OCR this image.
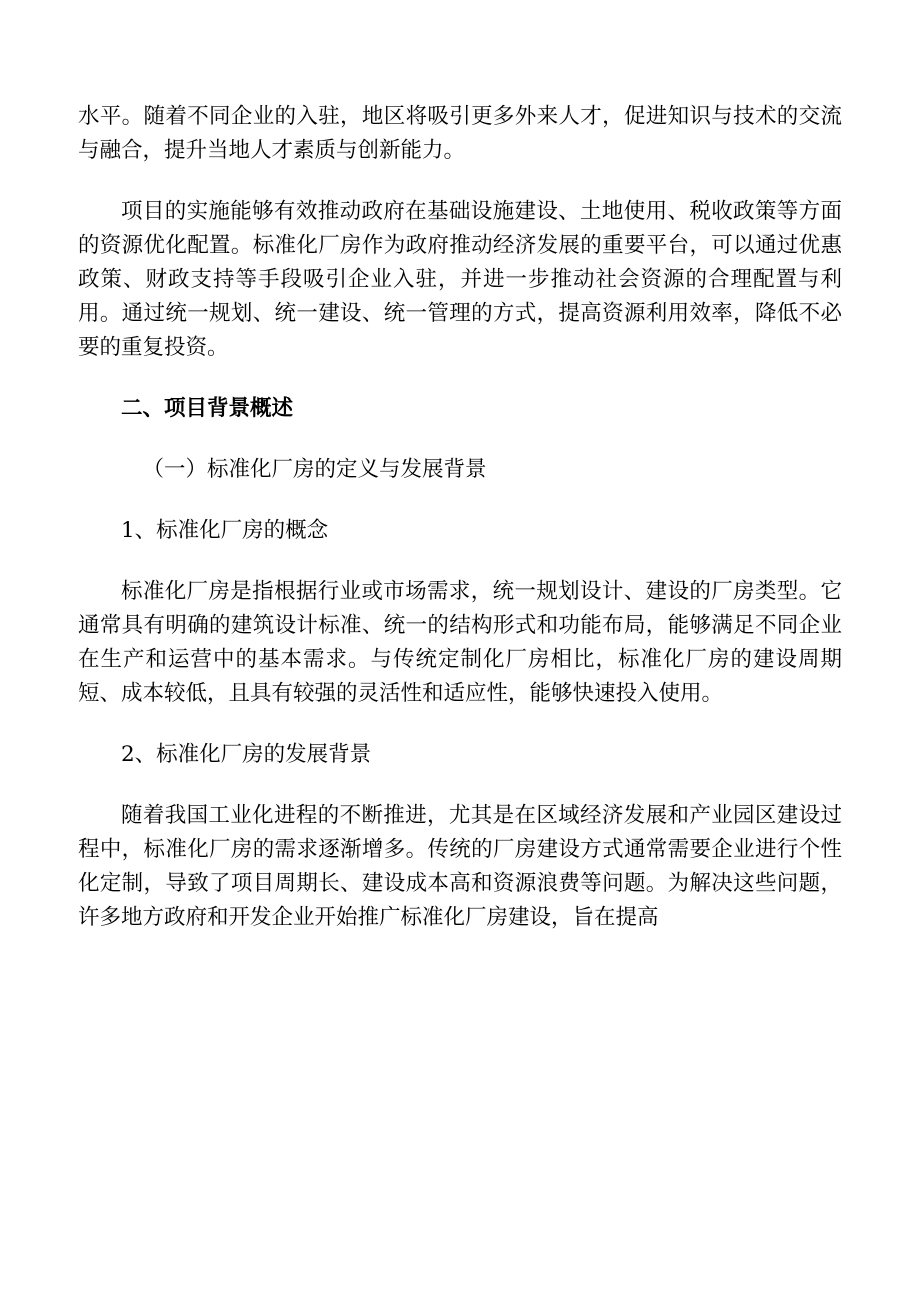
水平。随着不同企业的入驻，地区将吸引更多外来人才，促进知识与技术的交流与融合，提升当地人才素质与创新能力。

项目的实施能够有效推动政府在基础设施建设、土地使用、税收政策等方面的资源优化配置。标准化厂房作为政府推动经济发展的重要平台，可以通过优惠政策、财政支持等手段吸引企业入驻，并进一步推动社会资源的合理配置与利用。通过统一规划、统一建设、统一管理的方式，提高资源利用效率，降低不必要的重复投资。

二、项目背景概述

（一）标准化厂房的定义与发展背景

1、标准化厂房的概念

标准化厂房是指根据行业或市场需求，统一规划设计、建设的厂房类型。它通常具有明确的建筑设计标准、统一的结构形式和功能布局，能够满足不同企业在生产和运营中的基本需求。与传统定制化厂房相比，标准化厂房的建设周期短、成本较低，且具有较强的灵活性和适应性，能够快速投入使用。

2、标准化厂房的发展背景

随着我国工业化进程的不断推进，尤其是在区域经济发展和产业园区建设过程中，标准化厂房的需求逐渐增多。传统的厂房建设方式通常需要企业进行个性化定制，导致了项目周期长、建设成本高和资源浪费等问题。为解决这些问题，许多地方政府和开发企业开始推广标准化厂房建设，旨在提高
